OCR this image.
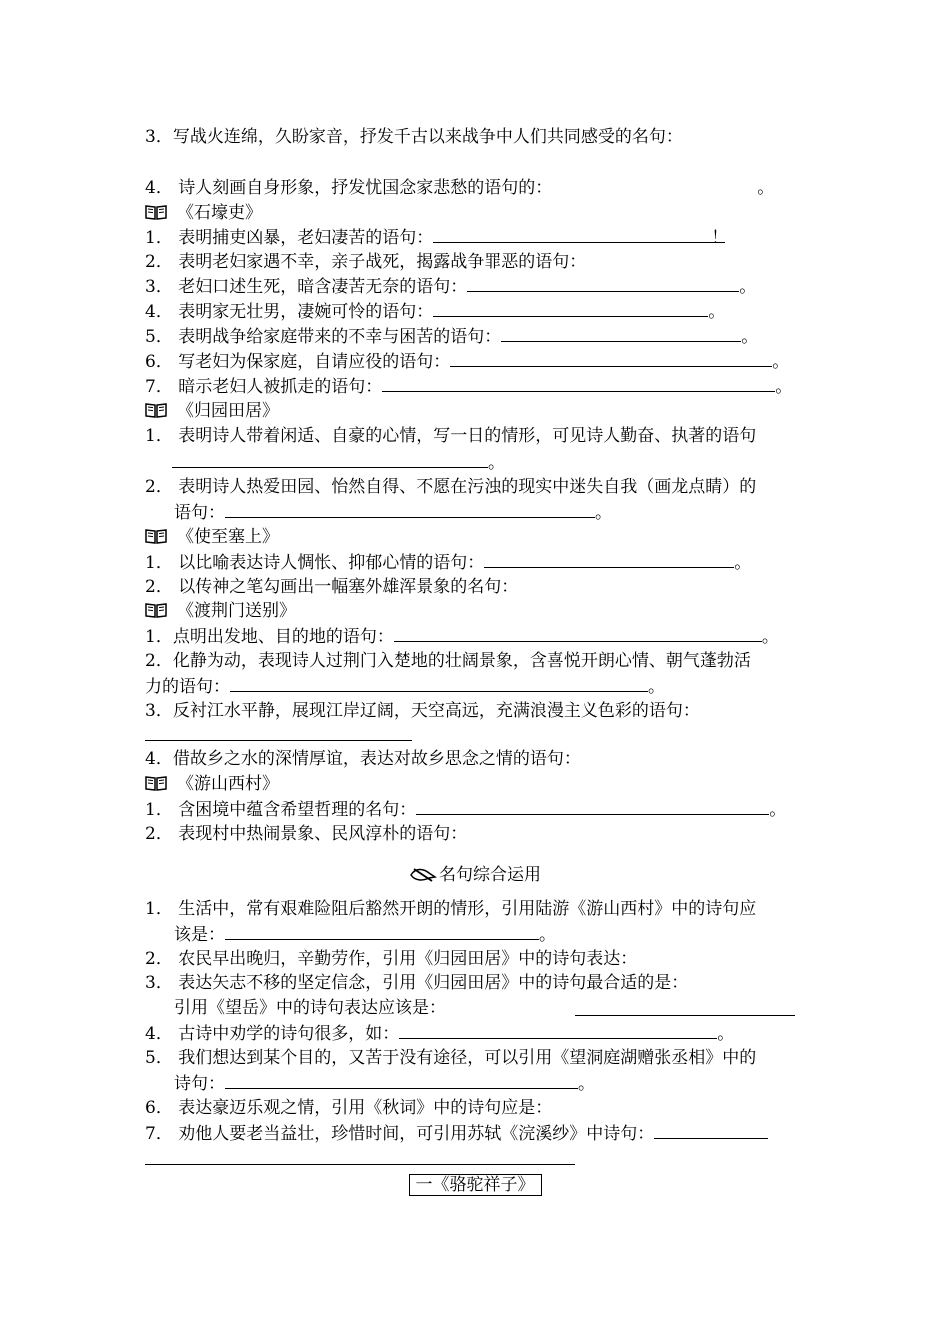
3．写战火连绵，久盼家音，抒发千古以来战争中人们共同感受的名句：
4． 诗人刻画自身形象，抒发忧国念家悲愁的语句的：	。
《石壕吏》
1． 表明捕吏凶暴，老妇凄苦的语句：	！
2． 表明老妇家遇不幸，亲子战死，揭露战争罪恶的语句：
3． 老妇口述生死，暗含凄苦无奈的语句：	。
4． 表明家无壮男，凄婉可怜的语句：	。
5． 表明战争给家庭带来的不幸与困苦的语句：	。
6． 写老妇为保家庭，自请应役的语句：	。
7． 暗示老妇人被抓走的语句：	。
《归园田居》
1． 表明诗人带着闲适、自豪的心情，写一日的情形，可见诗人勤奋、执著的语句
。
2． 表明诗人热爱田园、怡然自得、不愿在污浊的现实中迷失自我（画龙点睛）的
语句：	。
《使至塞上》
1． 以比喻表达诗人惆怅、抑郁心情的语句：	。
2． 以传神之笔勾画出一幅塞外雄浑景象的名句：
《渡荆门送别》
1．点明出发地、目的地的语句：	。
2．化静为动，表现诗人过荆门入楚地的壮阔景象，含喜悦开朗心情、朝气蓬勃活
力的语句：	。
3．反衬江水平静，展现江岸辽阔，天空高远，充满浪漫主义色彩的语句：
4．借故乡之水的深情厚谊，表达对故乡思念之情的语句：
《游山西村》
1． 含困境中蕴含希望哲理的名句：	。
2． 表现村中热闹景象、民风淳朴的语句：
名句综合运用
1． 生活中，常有艰难险阻后豁然开朗的情形，引用陆游《游山西村》中的诗句应
该是：	。
2． 农民早出晚归，辛勤劳作，引用《归园田居》中的诗句表达：
3． 表达矢志不移的坚定信念，引用《归园田居》中的诗句最合适的是：
引用《望岳》中的诗句表达应该是：
4． 古诗中劝学的诗句很多，如：	。
5． 我们想达到某个目的，又苦于没有途径，可以引用《望洞庭湖赠张丞相》中的
诗句：	。
6． 表达豪迈乐观之情，引用《秋词》中的诗句应是：
7． 劝他人要老当益壮，珍惜时间，可引用苏轼《浣溪纱》中诗句：
一《骆驼祥子》
